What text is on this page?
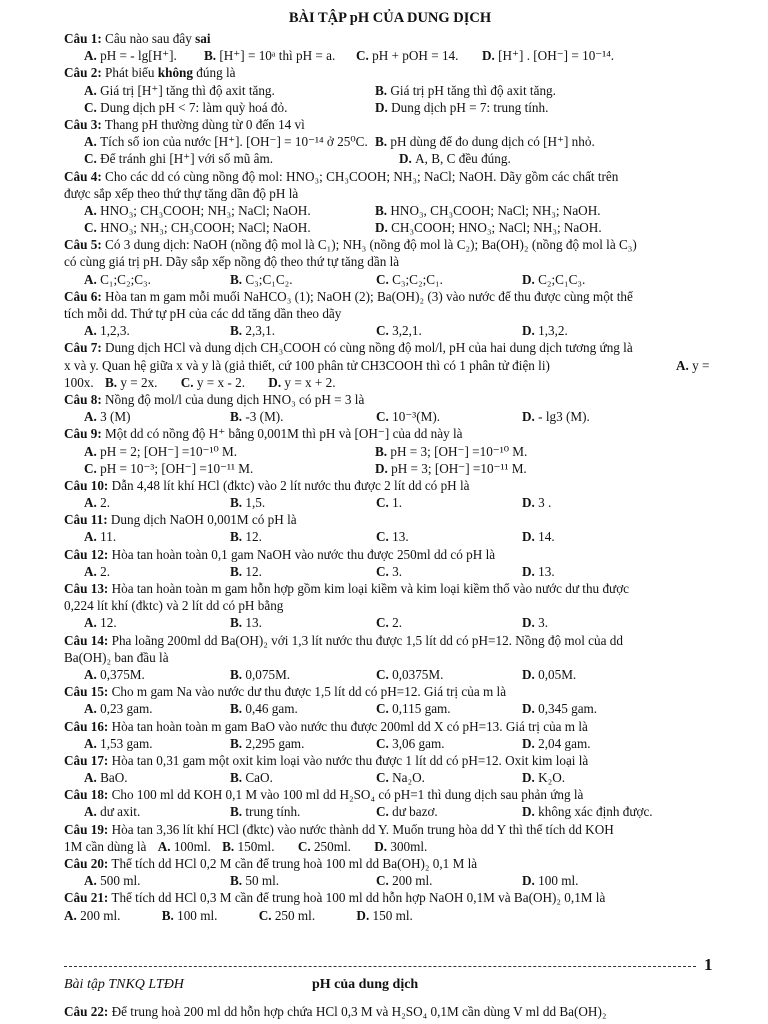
BÀI TẬP pH CỦA DUNG DỊCH
Câu 1: Câu nào sau đây sai
A. pH = - lg[H⁺].	B. [H⁺] = 10ᵃ thì pH = a.	C. pH + pOH = 14.	D. [H⁺] . [OH⁻] = 10⁻¹⁴.
Câu 2: Phát biểu không đúng là
A. Giá trị [H⁺] tăng thì độ axit tăng.	B. Giá trị pH tăng thì độ axit tăng.
C. Dung dịch pH < 7: làm quỳ hoá đỏ.	D. Dung dịch pH = 7: trung tính.
Câu 3: Thang pH thường dùng từ 0 đến 14 vì
A. Tích số ion của nước [H⁺]. [OH⁻] = 10⁻¹⁴ ở 25⁰C. B. pH dùng để đo dung dịch có [H⁺] nhỏ.
C. Để tránh ghi [H⁺] với số mũ âm.	D. A, B, C đều đúng.
Câu 4: Cho các dd có cùng nồng độ mol: HNO₃; CH₃COOH; NH₃; NaCl; NaOH. Dãy gồm các chất trên
được sắp xếp theo thứ thự tăng dần độ pH là
A. HNO₃; CH₃COOH; NH₃; NaCl; NaOH.	B. HNO₃, CH₃COOH; NaCl; NH₃; NaOH.
C. HNO₃; NH₃; CH₃COOH; NaCl; NaOH.	D. CH₃COOH; HNO₃; NaCl; NH₃; NaOH.
Câu 5: Có 3 dung dịch: NaOH (nồng độ mol là C₁); NH₃ (nồng độ mol là C₂); Ba(OH)₂ (nồng độ mol là C₃)
có cùng giá trị pH. Dãy sắp xếp nồng độ theo thứ tự tăng dần là
A. C₁;C₂;C₃.	B. C₃;C₁C₂.	C. C₃;C₂;C₁.	D. C₂;C₁C₃.
Câu 6: Hòa tan m gam mỗi muối NaHCO₃ (1); NaOH (2); Ba(OH)₂ (3) vào nước để thu được cùng một thể
tích mỗi dd. Thứ tự pH của các dd tăng dần theo dãy
A. 1,2,3.	B. 2,3,1.	C. 3,2,1.	D. 1,3,2.
Câu 7: Dung dịch HCl và dung dịch CH₃COOH có cùng nồng độ mol/l, pH của hai dung dịch tương ứng là
x và y. Quan hệ giữa x và y là (giả thiết, cứ 100 phân tử CH3COOH thì có 1 phân tử điện li)	A. y =
100x. B. y = 2x. C. y = x - 2. D. y = x + 2.
Câu 8: Nồng độ mol/l của dung dịch HNO₃ có pH = 3 là
A. 3 (M)	B. -3 (M).	C. 10⁻³(M).	D. - lg3 (M).
Câu 9: Một dd có nồng độ H⁺ bằng 0,001M thì pH và [OH⁻] của dd này là
A. pH = 2; [OH⁻] =10⁻¹⁰ M.	B. pH = 3; [OH⁻] =10⁻¹⁰ M.
C. pH = 10⁻³; [OH⁻] =10⁻¹¹ M.	D. pH = 3; [OH⁻] =10⁻¹¹ M.
Câu 10: Dẫn 4,48 lít khí HCl (đktc) vào 2 lít nước thu được 2 lít dd có pH là
A. 2.	B. 1,5.	C. 1.	D. 3 .
Câu 11: Dung dịch NaOH 0,001M có pH là
A. 11.	B. 12.	C. 13.	D. 14.
Câu 12: Hòa tan hoàn toàn 0,1 gam NaOH vào nước thu được 250ml dd có pH là
A. 2.	B. 12.	C. 3.	D. 13.
Câu 13: Hòa tan hoàn toàn m gam hỗn hợp gồm kim loại kiềm và kim loại kiềm thổ vào nước dư thu được
0,224 lít khí (đktc) và 2 lít dd có pH bằng
A. 12.	B. 13.	C. 2.	D. 3.
Câu 14: Pha loãng 200ml dd Ba(OH)₂ với 1,3 lít nước thu được 1,5 lít dd có pH=12. Nồng độ mol của dd
Ba(OH)₂ ban đầu là
A. 0,375M.	B. 0,075M.	C. 0,0375M.	D. 0,05M.
Câu 15: Cho m gam Na vào nước dư thu được 1,5 lít dd có pH=12. Giá trị của m là
A. 0,23 gam.	B. 0,46 gam.	C. 0,115 gam.	D. 0,345 gam.
Câu 16: Hòa tan hoàn toàn m gam BaO vào nước thu được 200ml dd X có pH=13. Giá trị của m là
A. 1,53 gam.	B. 2,295 gam.	C. 3,06 gam.	D. 2,04 gam.
Câu 17: Hòa tan 0,31 gam một oxit kim loại vào nước thu được 1 lít dd có pH=12. Oxit kim loại là
A. BaO.	B. CaO.	C. Na₂O.	D. K₂O.
Câu 18: Cho 100 ml dd KOH 0,1 M vào 100 ml dd H₂SO₄ có pH=1 thì dung dịch sau phản ứng là
A. dư axit.	B. trung tính.	C. dư bazơ.	D. không xác định được.
Câu 19: Hòa tan 3,36 lít khí HCl (đktc) vào nước thành dd Y. Muốn trung hòa dd Y thì thể tích dd KOH
1M cần dùng là A. 100ml. B. 150ml. C. 250ml. D. 300ml.
Câu 20: Thể tích dd HCl 0,2 M cần để trung hoà 100 ml dd Ba(OH)₂ 0,1 M là
A. 500 ml.	B. 50 ml.	C. 200 ml.	D. 100 ml.
Câu 21: Thể tích dd HCl 0,3 M cần để trung hoà 100 ml dd hỗn hợp NaOH 0,1M và Ba(OH)₂ 0,1M là
A. 200 ml.	B. 100 ml.	C. 250 ml.	D. 150 ml.
1
Bài tập TNKQ LTĐH	pH của dung dịch
Câu 22: Để trung hoà 200 ml dd hỗn hợp chứa HCl 0,3 M và H₂SO₄ 0,1M cần dùng V ml dd Ba(OH)₂
